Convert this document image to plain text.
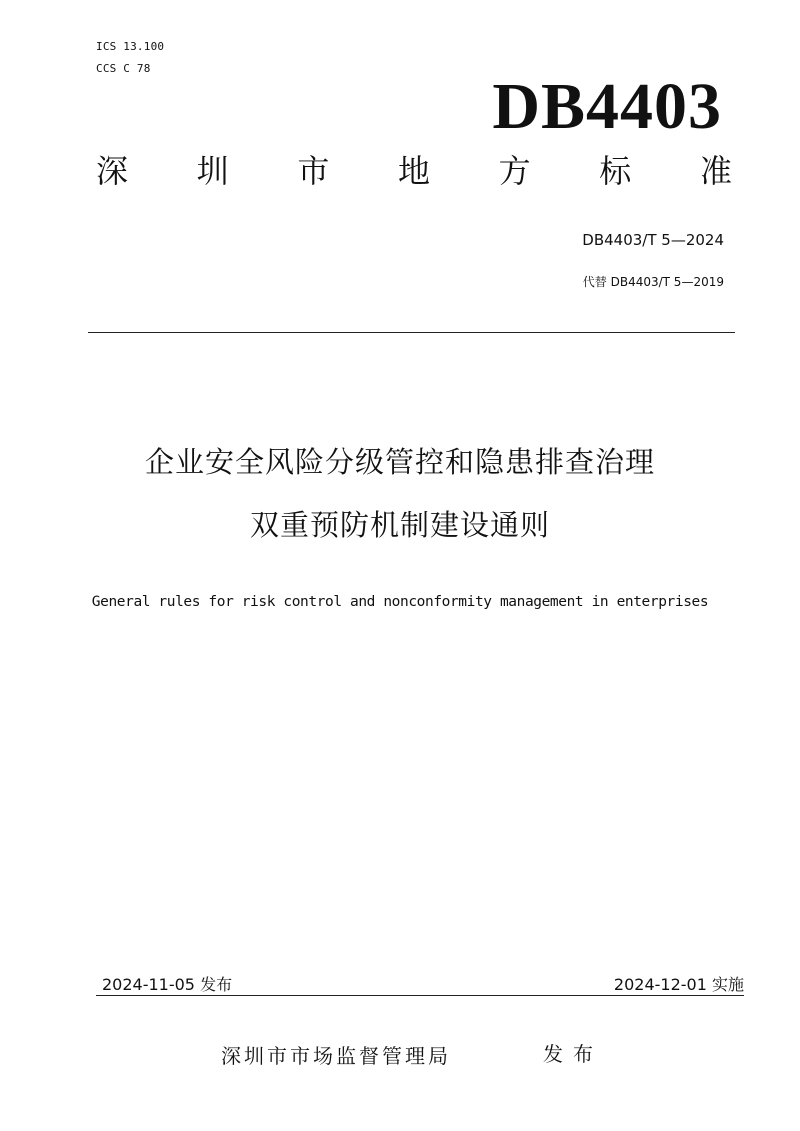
ICS 13.100
CCS C 78
DB4403
深 圳 市 地 方 标 准
DB4403/T 5—2024
代替 DB4403/T 5—2019
企业安全风险分级管控和隐患排查治理
双重预防机制建设通则
General rules for risk control and nonconformity management in enterprises
2024-11-05 发布	2024-12-01 实施
深圳市市场监督管理局	发布
